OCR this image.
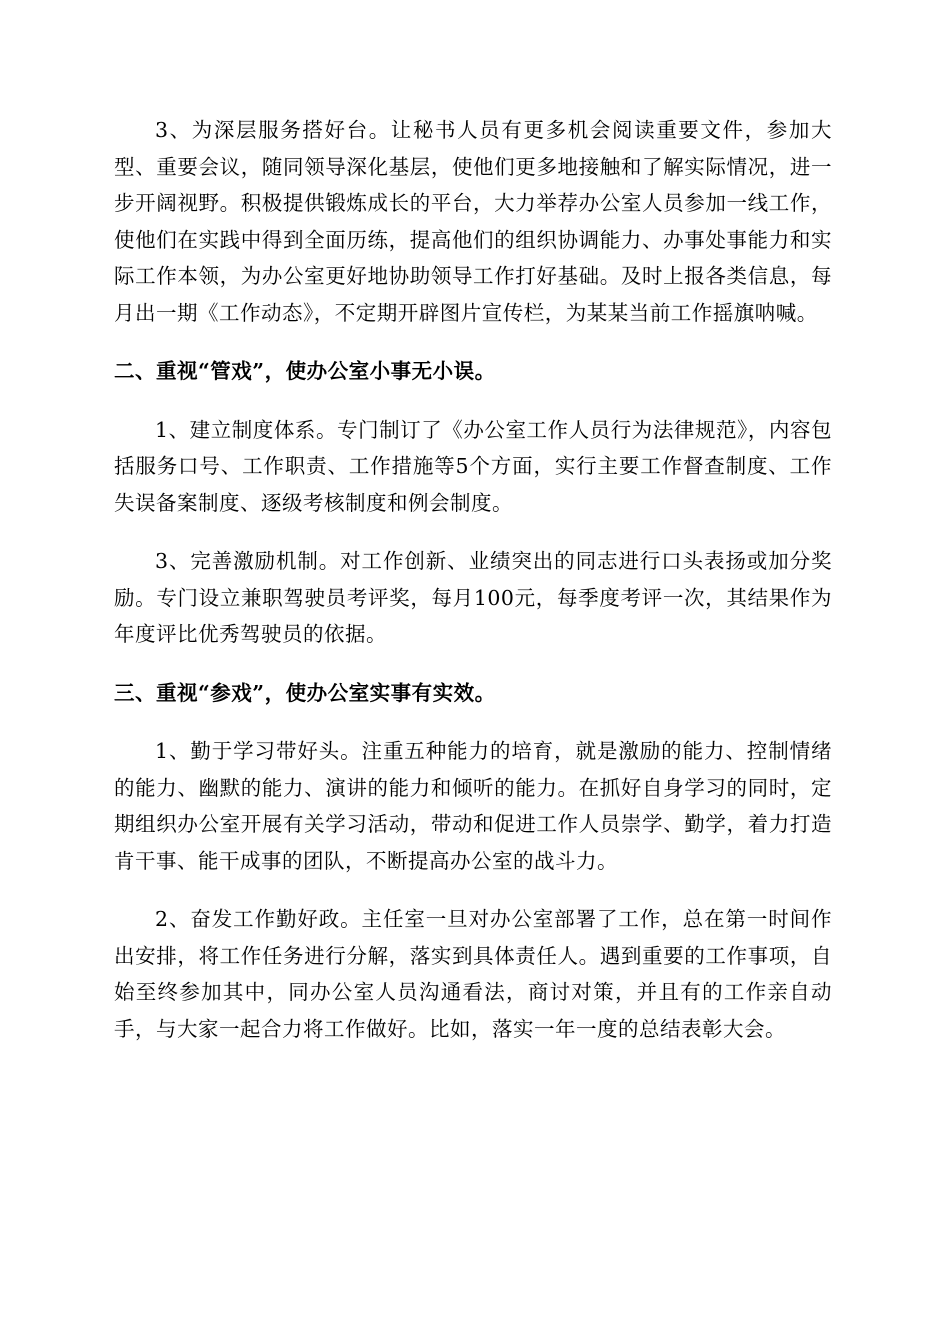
3、为深层服务搭好台。让秘书人员有更多机会阅读重要文件，参加大型、重要会议，随同领导深化基层，使他们更多地接触和了解实际情况，进一步开阔视野。积极提供锻炼成长的平台，大力举荐办公室人员参加一线工作，使他们在实践中得到全面历练，提高他们的组织协调能力、办事处事能力和实际工作本领，为办公室更好地协助领导工作打好基础。及时上报各类信息，每月出一期《工作动态》，不定期开辟图片宣传栏，为某某当前工作摇旗呐喊。

二、重视“管戏”，使办公室小事无小误。

1、建立制度体系。专门制订了《办公室工作人员行为法律规范》，内容包括服务口号、工作职责、工作措施等5个方面，实行主要工作督查制度、工作失误备案制度、逐级考核制度和例会制度。

3、完善激励机制。对工作创新、业绩突出的同志进行口头表扬或加分奖励。专门设立兼职驾驶员考评奖，每月100元，每季度考评一次，其结果作为年度评比优秀驾驶员的依据。

三、重视“参戏”，使办公室实事有实效。

1、勤于学习带好头。注重五种能力的培育，就是激励的能力、控制情绪的能力、幽默的能力、演讲的能力和倾听的能力。在抓好自身学习的同时，定期组织办公室开展有关学习活动，带动和促进工作人员崇学、勤学，着力打造肯干事、能干成事的团队，不断提高办公室的战斗力。

2、奋发工作勤好政。主任室一旦对办公室部署了工作，总在第一时间作出安排，将工作任务进行分解，落实到具体责任人。遇到重要的工作事项，自始至终参加其中，同办公室人员沟通看法，商讨对策，并且有的工作亲自动手，与大家一起合力将工作做好。比如，落实一年一度的总结表彰大会。
